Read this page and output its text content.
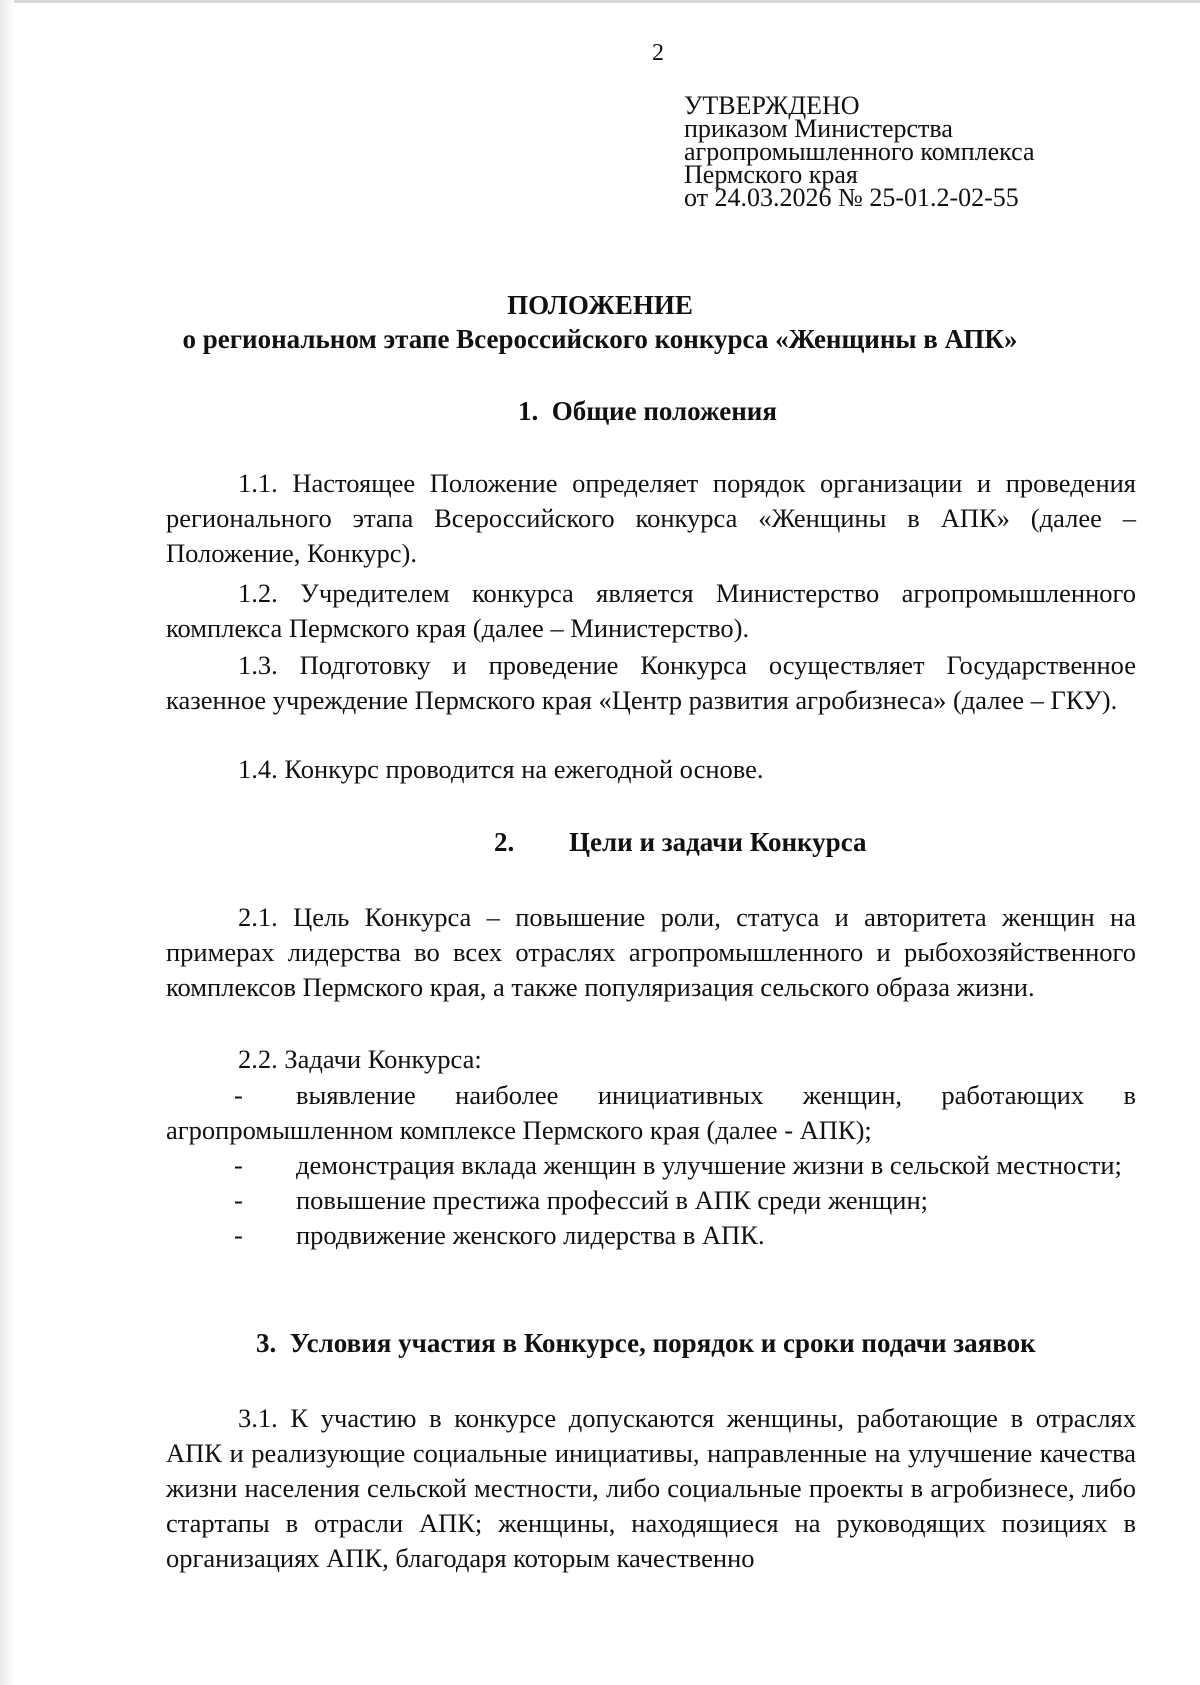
2
УТВЕРЖДЕНО
приказом Министерства
агропромышленного комплекса
Пермского края
от 24.03.2026 № 25-01.2-02-55
ПОЛОЖЕНИЕ
о региональном этапе Всероссийского конкурса «Женщины в АПК»
1. Общие положения
1.1. Настоящее Положение определяет порядок организации и проведения регионального этапа Всероссийского конкурса «Женщины в АПК» (далее – Положение, Конкурс).
1.2. Учредителем конкурса является Министерство агропромышленного комплекса Пермского края (далее – Министерство).
1.3. Подготовку и проведение Конкурса осуществляет Государственное казенное учреждение Пермского края «Центр развития агробизнеса» (далее – ГКУ).
1.4. Конкурс проводится на ежегодной основе.
2. Цели и задачи Конкурса
2.1. Цель Конкурса – повышение роли, статуса и авторитета женщин на примерах лидерства во всех отраслях агропромышленного и рыбохозяйственного комплексов Пермского края, а также популяризация сельского образа жизни.
2.2. Задачи Конкурса:
-	выявление наиболее инициативных женщин, работающих в агропромышленном комплексе Пермского края (далее - АПК);
-	демонстрация вклада женщин в улучшение жизни в сельской местности;
-	повышение престижа профессий в АПК среди женщин;
-	продвижение женского лидерства в АПК.
3. Условия участия в Конкурсе, порядок и сроки подачи заявок
3.1. К участию в конкурсе допускаются женщины, работающие в отраслях АПК и реализующие социальные инициативы, направленные на улучшение качества жизни населения сельской местности, либо социальные проекты в агробизнесе, либо стартапы в отрасли АПК; женщины, находящиеся на руководящих позициях в организациях АПК, благодаря которым качественно
